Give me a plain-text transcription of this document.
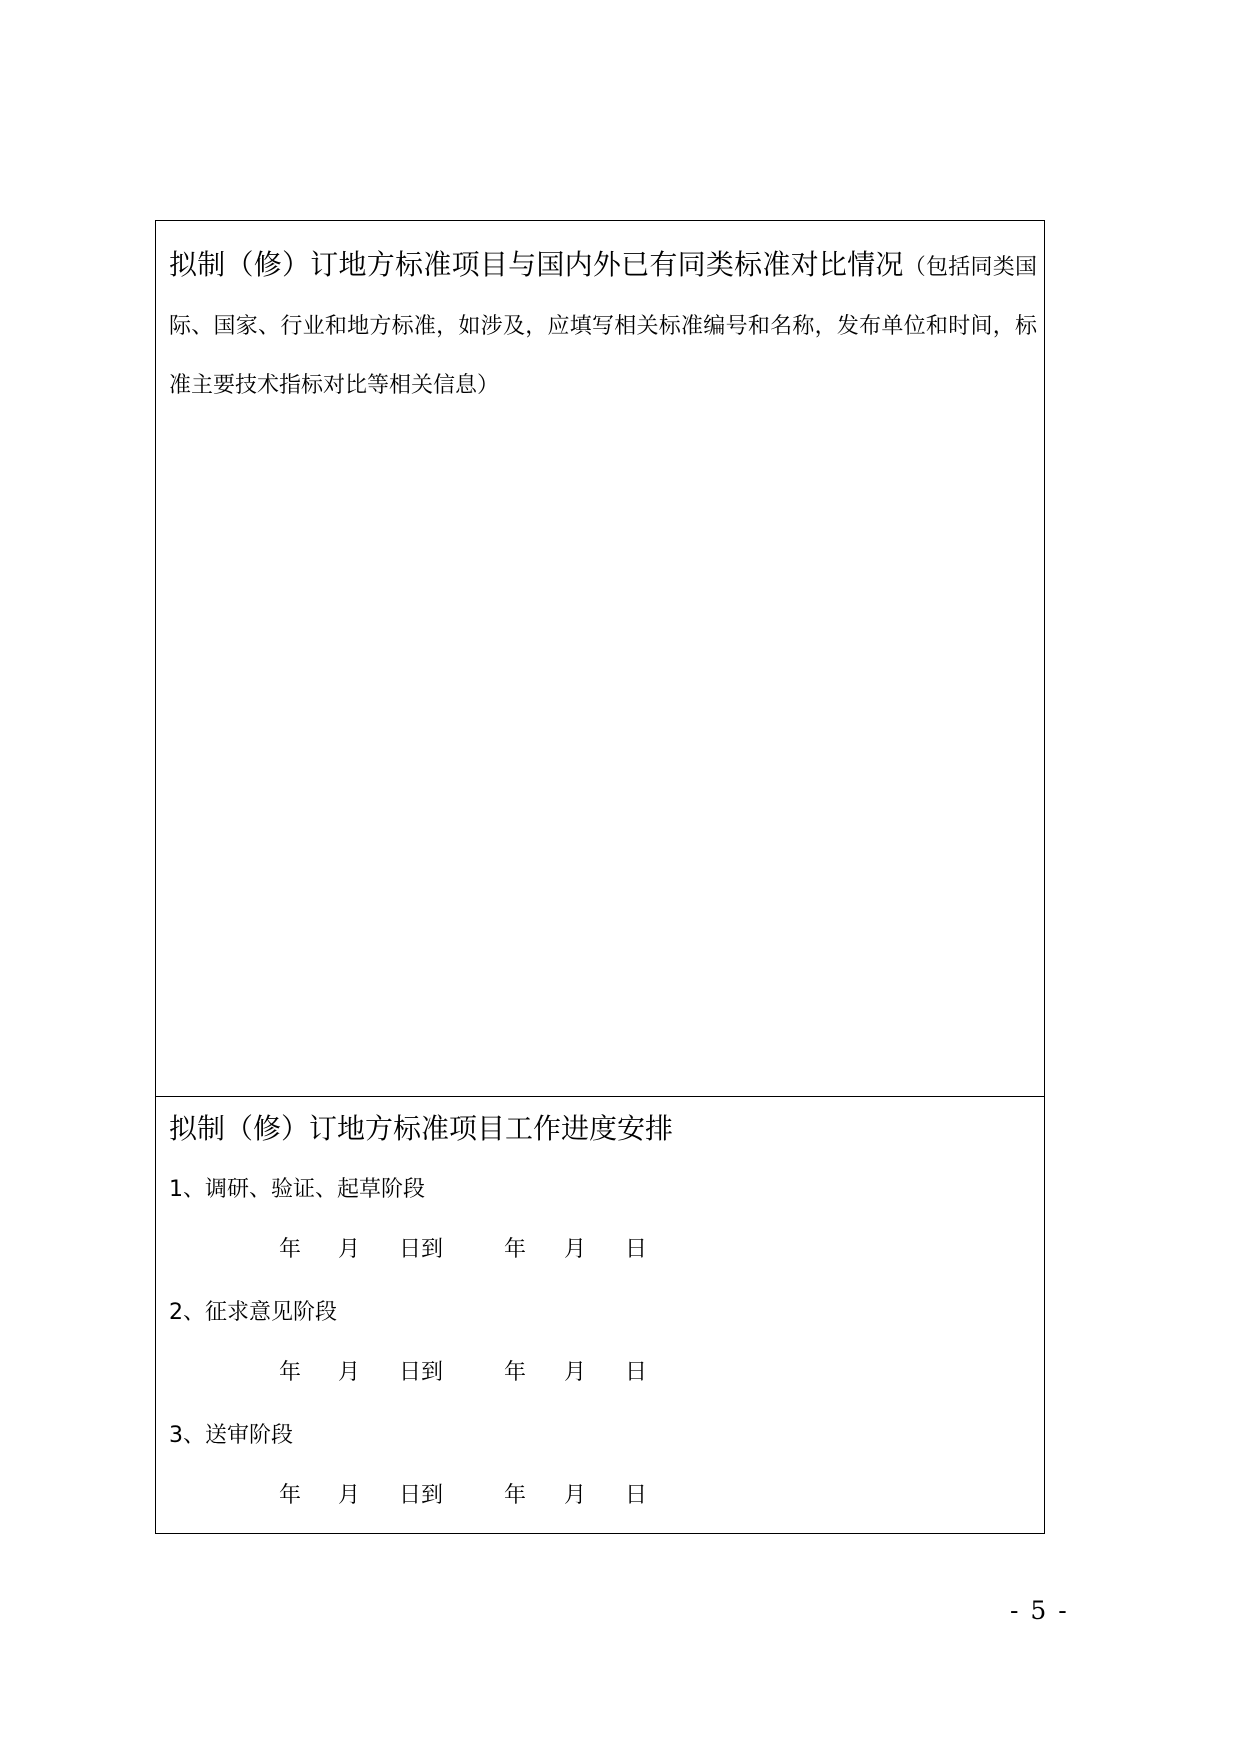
拟制（修）订地方标准项目与国内外已有同类标准对比情况（包括同类国际、国家、行业和地方标准，如涉及，应填写相关标准编号和名称，发布单位和时间，标准主要技术指标对比等相关信息）
拟制（修）订地方标准项目工作进度安排
1、调研、验证、起草阶段
年 月 日到	年 月 日
2、征求意见阶段
年 月 日到	年 月 日
3、送审阶段
年 月 日到	年 月 日
- 5 -
